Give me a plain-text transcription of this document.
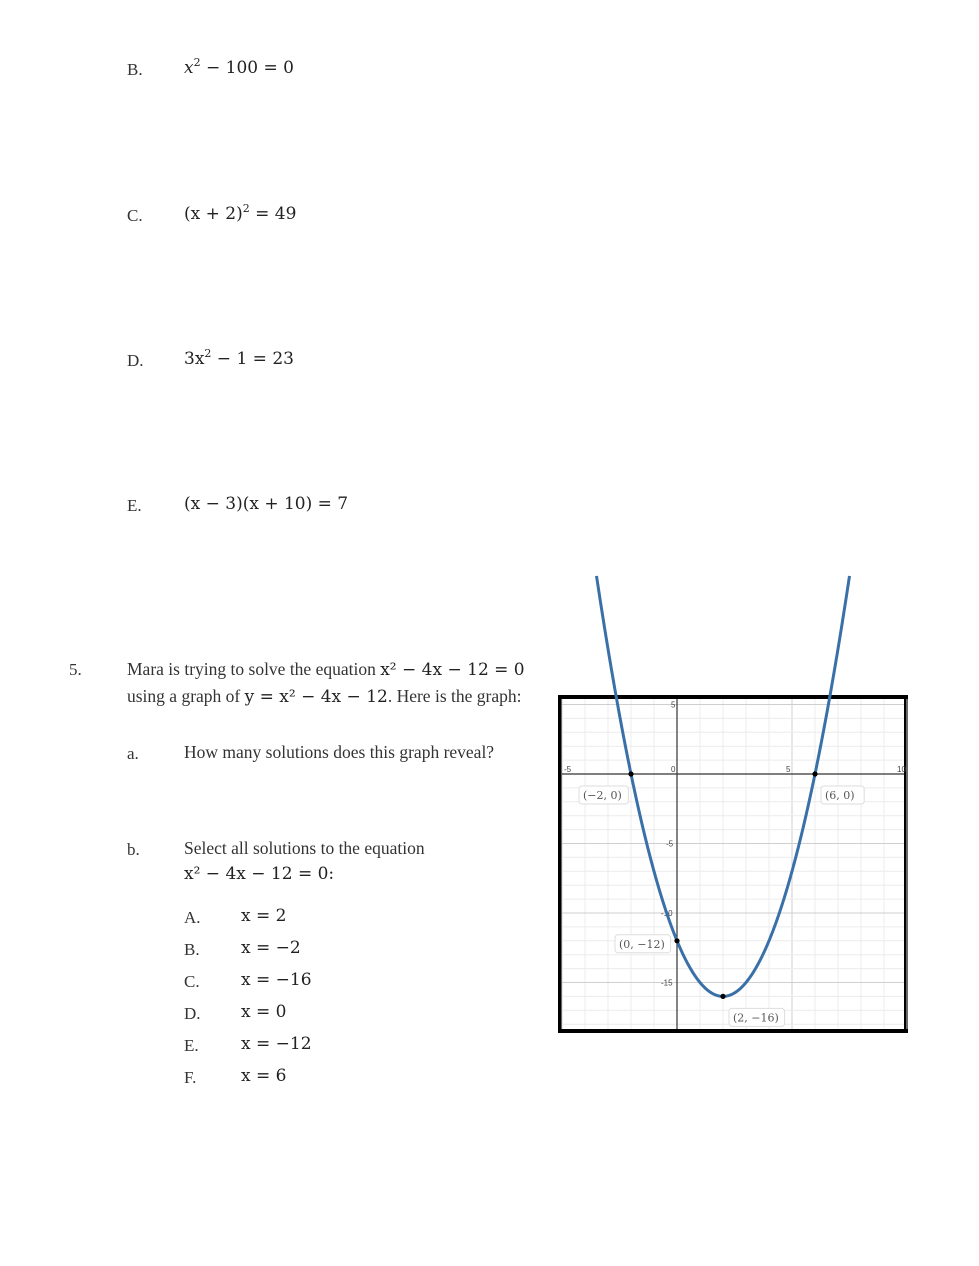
B. $x^2 - 100 = 0$
C. $(x + 2)^2 = 49$
D. $3x^2 - 1 = 23$
E. (x − 3)(x + 10) = 7
5.	Mara is trying to solve the equation x² − 4x − 12 = 0
using a graph of y = x² − 4x − 12. Here is the graph:
a.	How many solutions does this graph reveal?
b.	Select all solutions to the equation
x² − 4x − 12 = 0:
A. x = 2
B. x = −2
C. x = −16
D. x = 0
E. x = −12
F.	x = 6
-5	0	5	10
5
-5
-10
-15
(−2, 0)	(6, 0)
(0, −12)
(2, −16)
